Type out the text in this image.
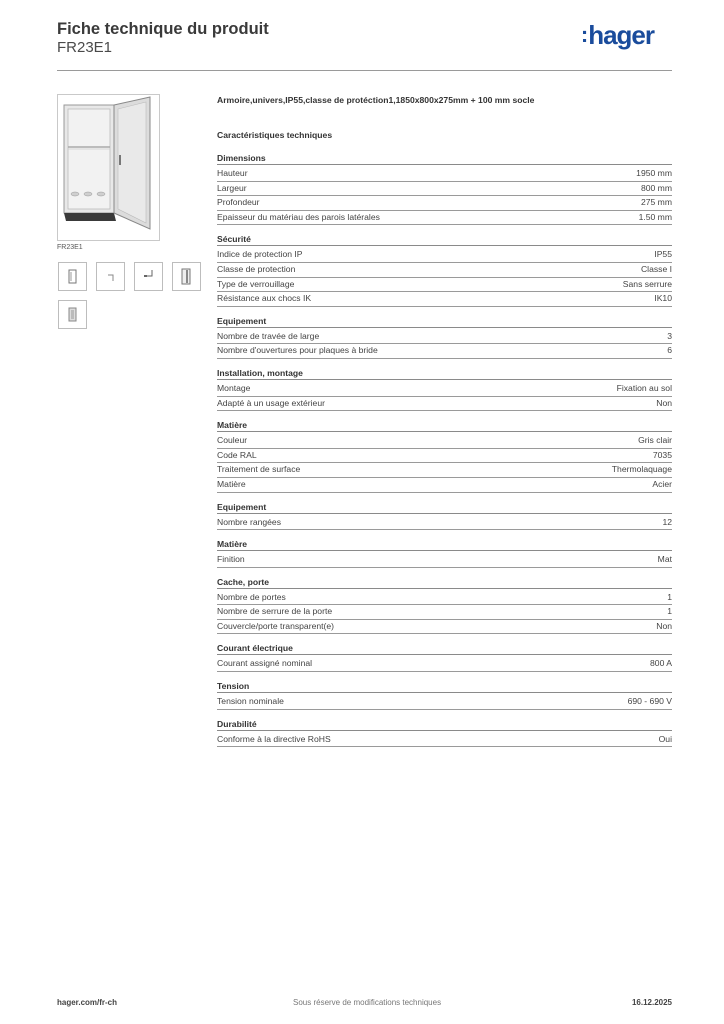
Fiche technique du produit
FR23E1
:hager
FR23E1
Armoire,univers,IP55,classe de protéction1,1850x800x275mm + 100 mm socle
Caractéristiques techniques
Dimensions
Hauteur	1950 mm
Largeur	800 mm
Profondeur	275 mm
Epaisseur du matériau des parois latérales	1.50 mm
Sécurité
Indice de protection IP	IP55
Classe de protection	Classe I
Type de verrouillage	Sans serrure
Résistance aux chocs IK	IK10
Equipement
Nombre de travée de large	3
Nombre d'ouvertures pour plaques à bride	6
Installation, montage
Montage	Fixation au sol
Adapté à un usage extérieur	Non
Matière
Couleur	Gris clair
Code RAL	7035
Traitement de surface	Thermolaquage
Matière	Acier
Equipement
Nombre rangées	12
Matière
Finition	Mat
Cache, porte
Nombre de portes	1
Nombre de serrure de la porte	1
Couvercle/porte transparent(e)	Non
Courant électrique
Courant assigné nominal	800 A
Tension
Tension nominale	690 - 690 V
Durabilité
Conforme à la directive RoHS	Oui
hager.com/fr-ch	Sous réserve de modifications techniques	16.12.2025
